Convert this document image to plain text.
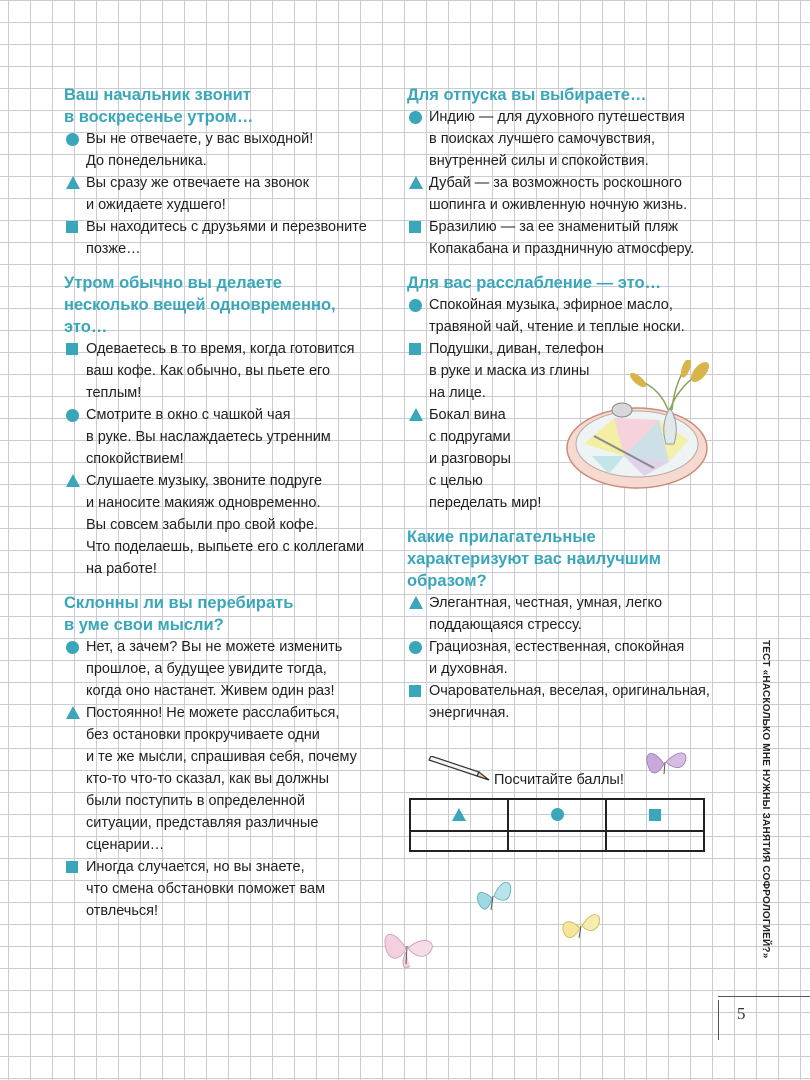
Ваш начальник звонит
в воскресенье утром…
Вы не отвечаете, у вас выходной!
До понедельника.
Вы сразу же отвечаете на звонок
и ожидаете худшего!
Вы находитесь с друзьями и перезвоните
позже…
Утром обычно вы делаете
несколько вещей одновременно,
это…
Одеваетесь в то время, когда готовится
ваш кофе. Как обычно, вы пьете его
теплым!
Смотрите в окно с чашкой чая
в руке. Вы наслаждаетесь утренним
спокойствием!
Слушаете музыку, звоните подруге
и наносите макияж одновременно.
Вы совсем забыли про свой кофе.
Что поделаешь, выпьете его с коллегами
на работе!
Склонны ли вы перебирать
в уме свои мысли?
Нет, а зачем? Вы не можете изменить
прошлое, а будущее увидите тогда,
когда оно настанет. Живем один раз!
Постоянно! Не можете расслабиться,
без остановки прокручиваете одни
и те же мысли, спрашивая себя, почему
кто-то что-то сказал, как вы должны
были поступить в определенной
ситуации, представляя различные
сценарии…
Иногда случается, но вы знаете,
что смена обстановки поможет вам
отвлечься!
Для отпуска вы выбираете…
Индию — для духовного путешествия
в поисках лучшего самочувствия,
внутренней силы и спокойствия.
Дубай — за возможность роскошного
шопинга и оживленную ночную жизнь.
Бразилию — за ее знаменитый пляж
Копакабана и праздничную атмосферу.
Для вас расслабление — это…
Спокойная музыка, эфирное масло,
травяной чай, чтение и теплые носки.
Подушки, диван, телефон
в руке и маска из глины
на лице.
Бокал вина
с подругами
и разговоры
с целью
переделать мир!
Какие прилагательные
характеризуют вас наилучшим
образом?
Элегантная, честная, умная, легко
поддающаяся стрессу.
Грациозная, естественная, спокойная
и духовная.
Очаровательная, веселая, оригинальная,
энергичная.
Посчитайте баллы!

			ТЕСТ «НАСКОЛЬКО МНЕ НУЖНЫ ЗАНЯТИЯ СОФРОЛОГИЕЙ?»
5
